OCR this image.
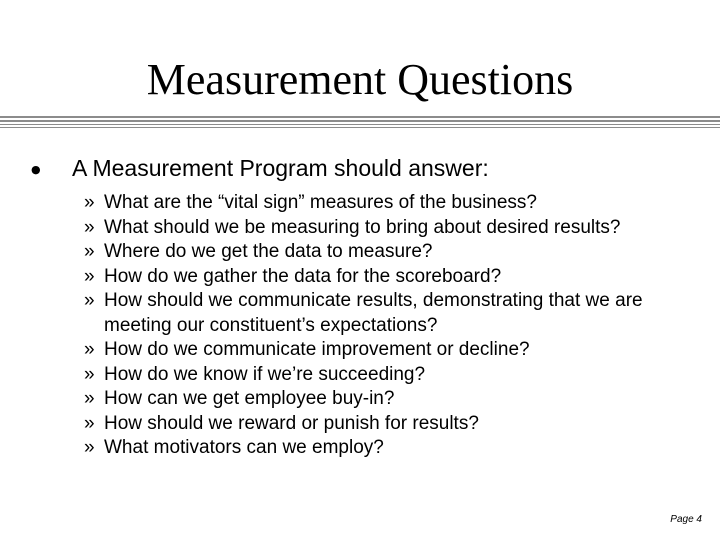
Measurement Questions
● A Measurement Program should answer:
» What are the “vital sign” measures of the business?
» What should we be measuring to bring about desired results?
» Where do we get the data to measure?
» How do we gather the data for the scoreboard?
» How should we communicate results, demonstrating that we are meeting our constituent’s expectations?
» How do we communicate improvement or decline?
» How do we know if we’re succeeding?
» How can we get employee buy-in?
» How should we reward or punish for results?
» What motivators can we employ?
Page 4
